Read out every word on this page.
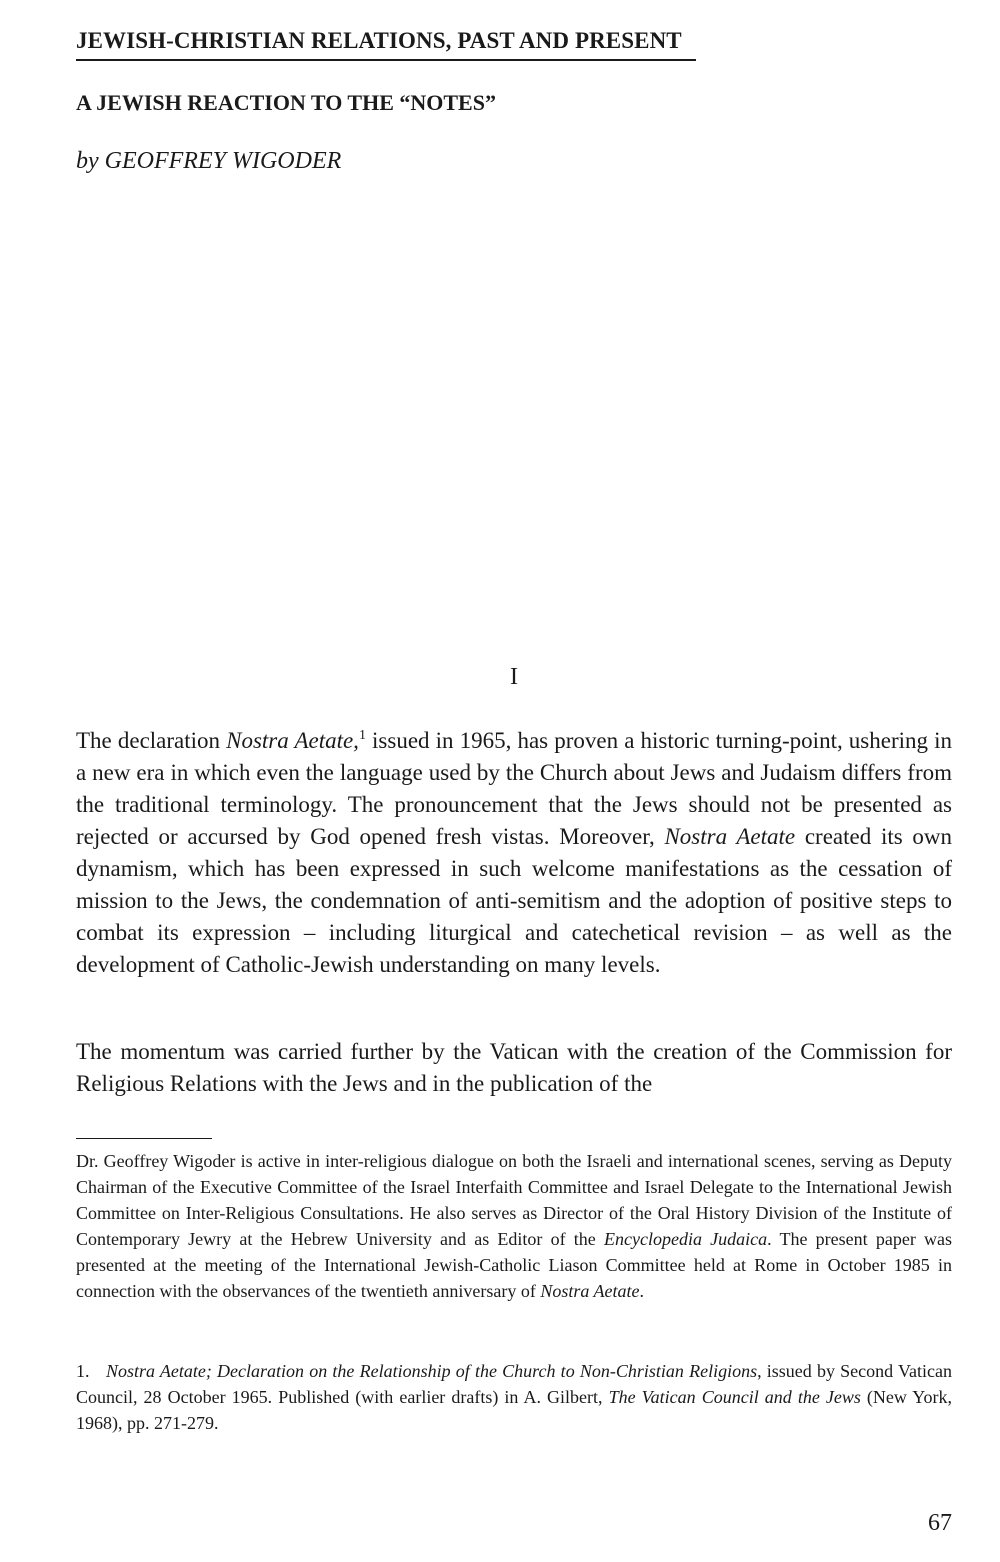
JEWISH-CHRISTIAN RELATIONS, PAST AND PRESENT
A JEWISH REACTION TO THE “NOTES”
by GEOFFREY WIGODER
I

The declaration Nostra Aetate,$^1$ issued in 1965, has proven a historic turning-point, ushering in a new era in which even the language used by the Church about Jews and Judaism differs from the traditional terminology. The pronouncement that the Jews should not be presented as rejected or accursed by God opened fresh vistas. Moreover, Nostra Aetate created its own dynamism, which has been expressed in such welcome manifestations as the cessation of mission to the Jews, the condemnation of anti-semitism and the adoption of positive steps to combat its expression – including liturgical and catechetical revision – as well as the development of Catholic-Jewish understanding on many levels.

The momentum was carried further by the Vatican with the creation of the Commission for Religious Relations with the Jews and in the publication of the

Dr. Geoffrey Wigoder is active in inter-religious dialogue on both the Israeli and international scenes, serving as Deputy Chairman of the Executive Committee of the Israel Interfaith Committee and Israel Delegate to the International Jewish Committee on Inter-Religious Consultations. He also serves as Director of the Oral History Division of the Institute of Contemporary Jewry at the Hebrew University and as Editor of the Encyclopedia Judaica. The present paper was presented at the meeting of the International Jewish-Catholic Liason Committee held at Rome in October 1985 in connection with the observances of the twentieth anniversary of Nostra Aetate.

1. Nostra Aetate; Declaration on the Relationship of the Church to Non-Christian Religions, issued by Second Vatican Council, 28 October 1965. Published (with earlier drafts) in A. Gilbert, The Vatican Council and the Jews (New York, 1968), pp. 271-279.

67
